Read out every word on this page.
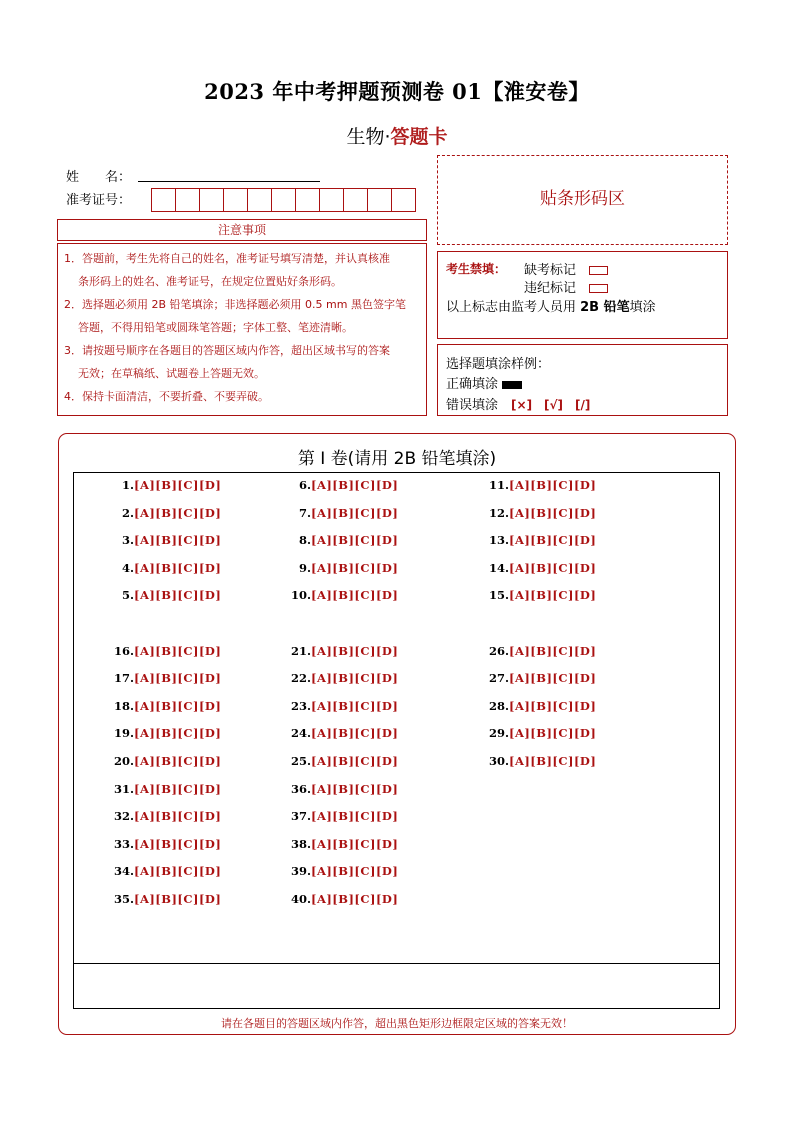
2023 年中考押题预测卷 01【淮安卷】
生物·答题卡
姓　　名：
准考证号：
注意事项
1．答题前，考生先将自己的姓名，准考证号填写清楚，并认真核准
条形码上的姓名、准考证号，在规定位置贴好条形码。
2．选择题必须用 2B 铅笔填涂；非选择题必须用 0.5 mm 黑色签字笔
答题，不得用铅笔或圆珠笔答题；字体工整、笔迹清晰。
3．请按题号顺序在各题目的答题区域内作答，超出区域书写的答案
无效；在草稿纸、试题卷上答题无效。
4．保持卡面清洁，不要折叠、不要弄破。
贴条形码区
考生禁填： 缺考标记　
违纪标记　
以上标志由监考人员用 2B 铅笔填涂
选择题填涂样例：
正确填涂
错误填涂　 [×]　[√]　[/]
第 I 卷(请用 2B 铅笔填涂)
请在各题目的答题区域内作答，超出黑色矩形边框限定区域的答案无效！
1.[A][B][C][D]
2.[A][B][C][D]
3.[A][B][C][D]
4.[A][B][C][D]
5.[A][B][C][D]
6.[A][B][C][D]
7.[A][B][C][D]
8.[A][B][C][D]
9.[A][B][C][D]
10.[A][B][C][D]
11.[A][B][C][D]
12.[A][B][C][D]
13.[A][B][C][D]
14.[A][B][C][D]
15.[A][B][C][D]
16.[A][B][C][D]
17.[A][B][C][D]
18.[A][B][C][D]
19.[A][B][C][D]
20.[A][B][C][D]
21.[A][B][C][D]
22.[A][B][C][D]
23.[A][B][C][D]
24.[A][B][C][D]
25.[A][B][C][D]
26.[A][B][C][D]
27.[A][B][C][D]
28.[A][B][C][D]
29.[A][B][C][D]
30.[A][B][C][D]
31.[A][B][C][D]
32.[A][B][C][D]
33.[A][B][C][D]
34.[A][B][C][D]
35.[A][B][C][D]
36.[A][B][C][D]
37.[A][B][C][D]
38.[A][B][C][D]
39.[A][B][C][D]
40.[A][B][C][D]
